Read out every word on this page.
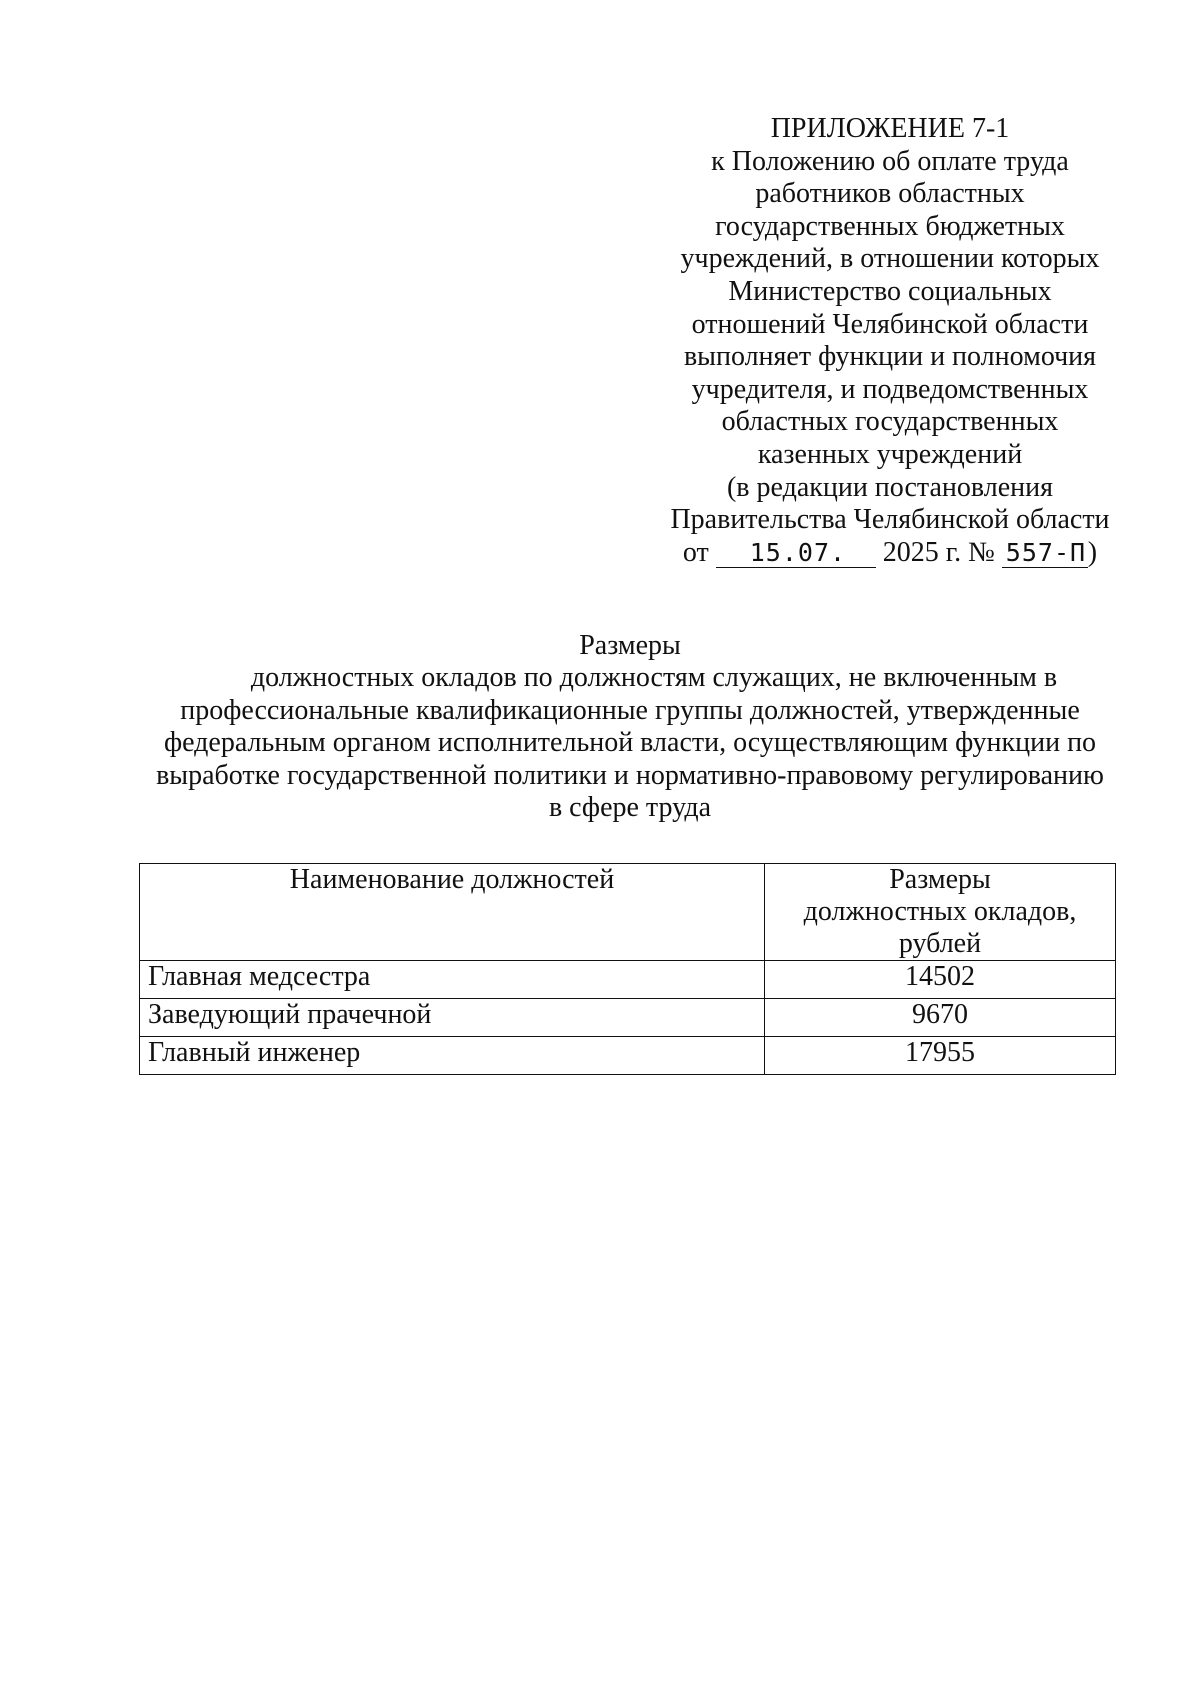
ПРИЛОЖЕНИЕ 7-1
к Положению об оплате труда
работников областных
государственных бюджетных
учреждений, в отношении которых
Министерство социальных
отношений Челябинской области
выполняет функции и полномочия
учредителя, и подведомственных
областных государственных
казенных учреждений
(в редакции постановления
Правительства Челябинской области
от 15.07. 2025 г. № 557-П)
Размеры
должностных окладов по должностям служащих, не включенным в
профессиональные квалификационные группы должностей, утвержденные
федеральным органом исполнительной власти, осуществляющим функции по
выработке государственной политики и нормативно-правовому регулированию
в сфере труда
Наименование должностей	Размеры
должностных окладов,
рублей

Главная медсестра	14502
Заведующий прачечной	9670
Главный инженер	17955
